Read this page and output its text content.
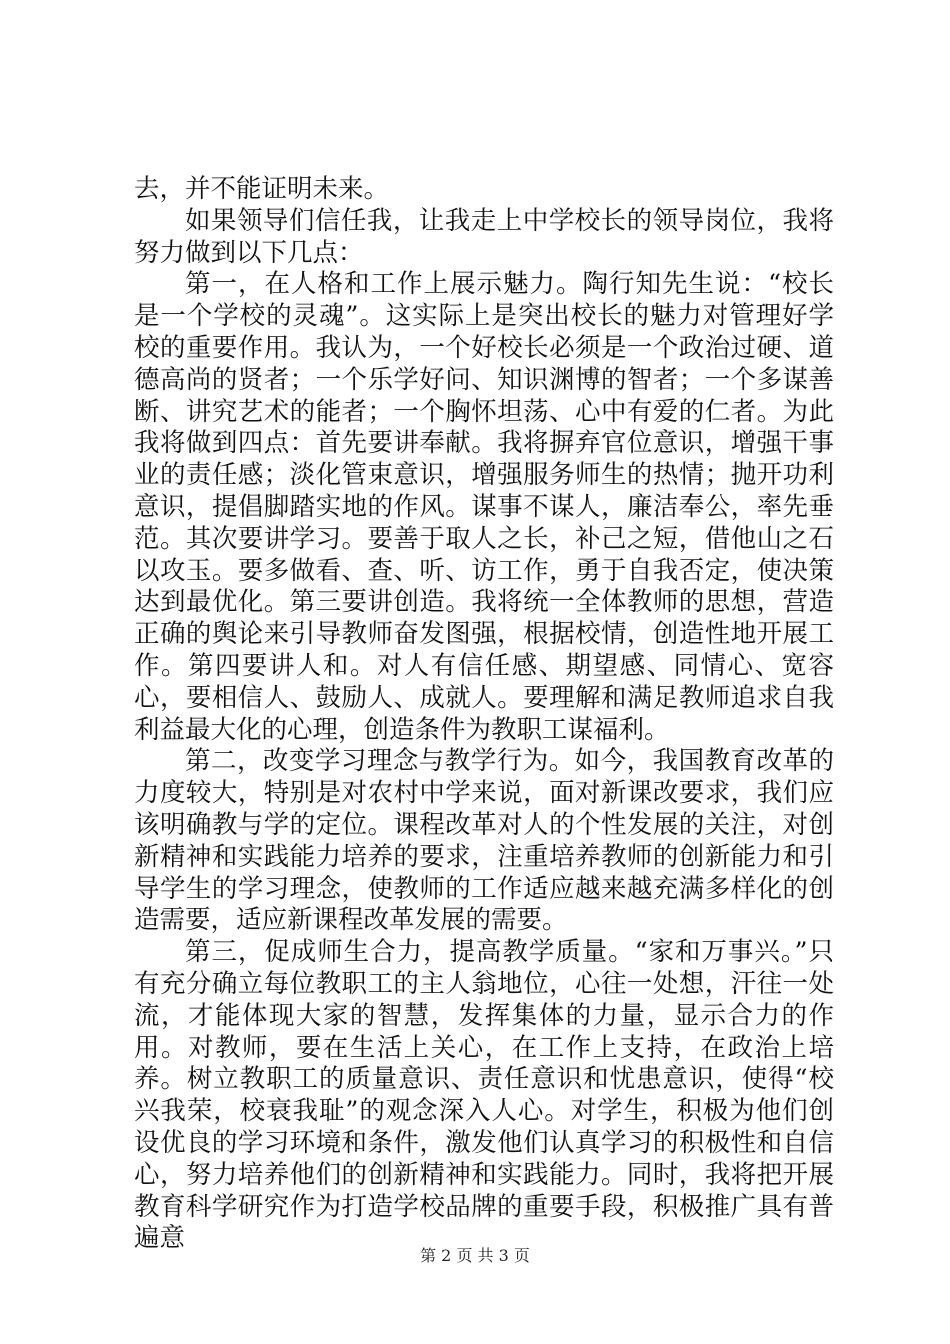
去，并不能证明未来。

如果领导们信任我，让我走上中学校长的领导岗位，我将努力做到以下几点：

第一，在人格和工作上展示魅力。陶行知先生说：“校长是一个学校的灵魂”。这实际上是突出校长的魅力对管理好学校的重要作用。我认为，一个好校长必须是一个政治过硬、道德高尚的贤者；一个乐学好问、知识渊博的智者；一个多谋善断、讲究艺术的能者；一个胸怀坦荡、心中有爱的仁者。为此我将做到四点：首先要讲奉献。我将摒弃官位意识，增强干事业的责任感；淡化管束意识，增强服务师生的热情；抛开功利意识，提倡脚踏实地的作风。谋事不谋人，廉洁奉公，率先垂范。其次要讲学习。要善于取人之长，补己之短，借他山之石以攻玉。要多做看、查、听、访工作，勇于自我否定，使决策达到最优化。第三要讲创造。我将统一全体教师的思想，营造正确的舆论来引导教师奋发图强，根据校情，创造性地开展工作。第四要讲人和。对人有信任感、期望感、同情心、宽容心，要相信人、鼓励人、成就人。要理解和满足教师追求自我利益最大化的心理，创造条件为教职工谋福利。

第二，改变学习理念与教学行为。如今，我国教育改革的力度较大，特别是对农村中学来说，面对新课改要求，我们应该明确教与学的定位。课程改革对人的个性发展的关注，对创新精神和实践能力培养的要求，注重培养教师的创新能力和引导学生的学习理念，使教师的工作适应越来越充满多样化的创造需要，适应新课程改革发展的需要。

第三，促成师生合力，提高教学质量。“家和万事兴。”只有充分确立每位教职工的主人翁地位，心往一处想，汗往一处流，才能体现大家的智慧，发挥集体的力量，显示合力的作用。对教师，要在生活上关心，在工作上支持，在政治上培养。树立教职工的质量意识、责任意识和忧患意识，使得“校兴我荣，校衰我耻”的观念深入人心。对学生，积极为他们创设优良的学习环境和条件，激发他们认真学习的积极性和自信心，努力培养他们的创新精神和实践能力。同时，我将把开展教育科学研究作为打造学校品牌的重要手段，积极推广具有普遍意

第 2 页 共 3 页
